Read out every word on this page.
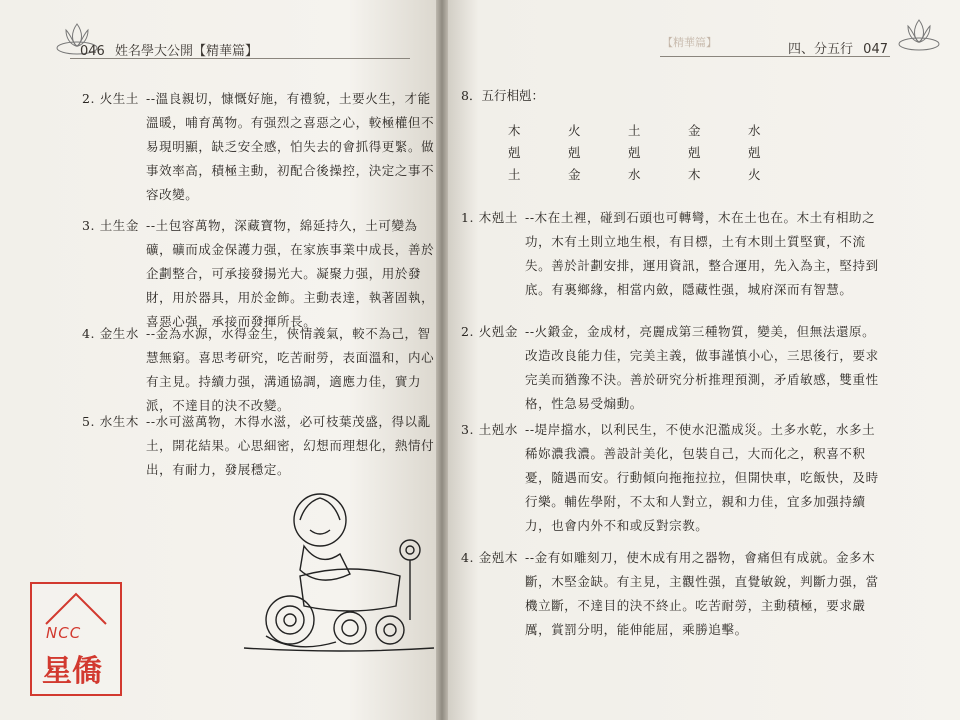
046 姓名學大公開【精華篇】
【精華篇】	四、分五行 047
2. 火生土 --溫良親切，慷慨好施，有禮貌，土要火生，才能溫暖，哺育萬物。有强烈之喜惡之心，較極權但不易現明顯，缺乏安全感，怕失去的會抓得更緊。做事效率高，積極主動，初配合後操控，決定之事不容改變。
3. 土生金 --土包容萬物，深藏寶物，綿延持久，土可變為礦，礦而成金保護力强，在家族事業中成長，善於企劃整合，可承接發揚光大。凝聚力强，用於發財，用於器具，用於金飾。主動表達，執著固執，喜惡心强，承接而發揮所長。
4. 金生水 --金為水源，水得金生，俠情義氣，較不為己，智慧無窮。喜思考研究，吃苦耐勞，表面溫和，内心有主見。持續力强，溝通協調，適應力佳，實力派，不達目的決不改變。
5. 水生木 --水可滋萬物，木得水滋，必可枝葉茂盛，得以亂土，開花結果。心思細密，幻想而理想化，熱情付出，有耐力，發展穩定。
8．五行相剋：
木	火	土	金	水
剋	剋	剋	剋	剋
土	金	水	木	火
1. 木剋土 --木在土裡，碰到石頭也可轉彎，木在土也在。木土有相助之功，木有土則立地生根，有目標，土有木則土質堅實，不流失。善於計劃安排，運用資訊，整合運用，先入為主，堅持到底。有裏鄉緣，相當内斂，隱藏性强，城府深而有智慧。
2. 火剋金 --火鍛金，金成材，亮麗成第三種物質，變美，但無法還原。改造改良能力佳，完美主義，做事謹慎小心，三思後行，要求完美而猶豫不決。善於研究分析推理預測，矛盾敏感，雙重性格，性急易受煽動。
3. 土剋水 --堤岸擋水，以利民生，不使水氾濫成災。土多水乾，水多土稀妳濃我濃。善設計美化，包裝自己，大而化之，釈喜不釈憂，隨遇而安。行動傾向拖拖拉拉，但開快車，吃飯快，及時行樂。輔佐學附，不太和人對立，親和力佳，宜多加强持續力，也會内外不和或反對宗教。
4. 金剋木 --金有如雕刻刀，使木成有用之器物，會痛但有成就。金多木斷，木堅金缺。有主見，主觀性强，直覺敏銳，判斷力强，當機立斷，不達目的決不終止。吃苦耐勞，主動積極，要求嚴厲，賞罰分明，能伸能屈，乘勝追擊。
NCC
星僑
